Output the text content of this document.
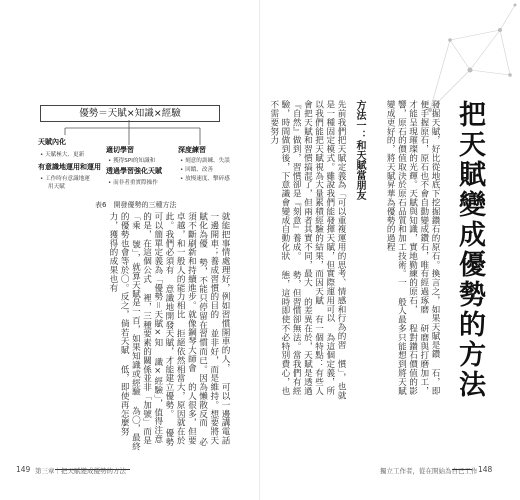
就能把事情處理好，例如習慣開車的人， 可以一邊講電話一邊開車；養成習慣的目的 並非好，而是維持。想要將天賦化為優 勢，不能只停留在習慣而已。因為懶散反而 必須不斷刷新和持續進步。就像鋼琴大師會 的人很多，但要卓越，和一般人的能力相比 拒絕依然相當大，原因就在於此。我們必須有 意識地開發天賦，才能建立優勢。 優勢可以簡單定義為「優勢＝天賦×知 識×經驗」，值得注意的是，在這個公式 裡，三種要素的關係並非「加號」而是「乘 號」，就算天賦是一百，如果知識或經驗 為〇，最終的優勢也會等於〇。反之，倘若天賦 低，即使再怎麼努力，獲得的成果也有
優勢＝天賦×知識×經驗
天賦內化
• 天賦極大、更新
有意識地運用和運用
• 工作時有意識地運
用天賦
適切學習
• 獲得SPI的知識和
透過學習強化天賦
• 而非者重實際操作
深度練習
• 刻意的訓練、失誤
• 回饋、改善
• 放慢速度、擊碎感
表6　開發優勢的三種方法
149 第三章｜把天賦變成優勢的方法
把天賦變成優勢的方法
發掘天賦，好比從地底下挖掘鑽石的原石。換言之，如果天賦是鑽 石，即便手握原石，原石也不會自動變成鑽石，唯有經過琢磨 研磨與打磨加工，才能呈現璀璨的光輝。天賦與知識，實地勤練的原石， 程對鑽石價值的影響，原石的價值取決於原石品質和加工技術。一 般人最多只能想到將天賦變成更好的，將天賦昇華為優勢的過程
方法一：和天賦當朋友
先前我們把天賦定義為「可以重複運用的思考、情感和行為的習 慣」，也就是一種固定模式。雖說我們能發揮天賦，但實際運用可以 為這個定義，所以我們能把天賦視為大量累積經驗的結果，而因天賦 有一個特點：有些人會把天賦和習慣搞混了，但兩者其實不同，最大 的差異在於，天賦是透過『自然』做到，習慣卻是『刻意』養成。 勢，但習慣卻無法。當我們有經驗，時間做到後，下意識會變成自動化狀 態，這時即使不必特別費心，也不需要努力
獨立工作者，從在開始為自己工作 148
